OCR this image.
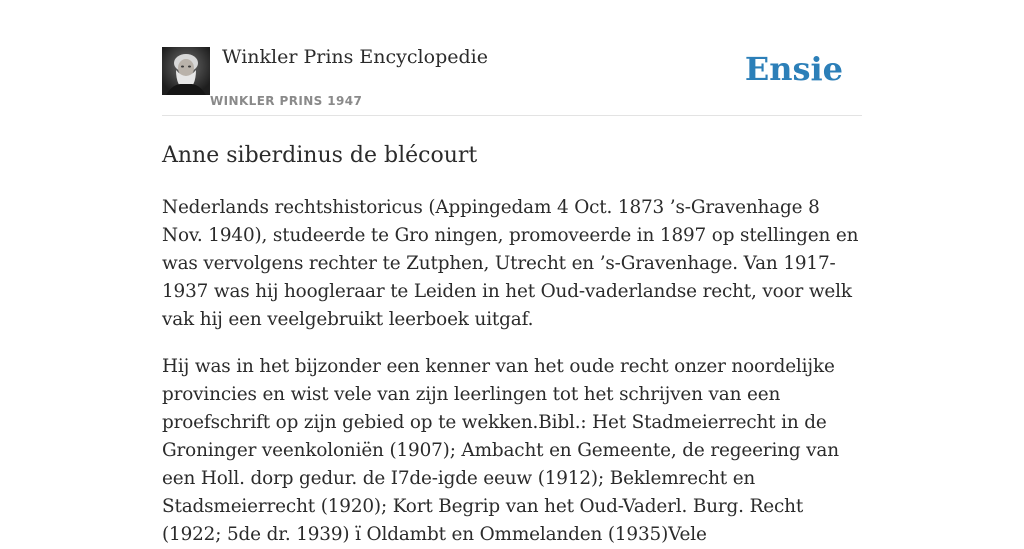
Winkler Prins Encyclopedie
WINKLER PRINS 1947
Ensie
Anne siberdinus de blécourt

Nederlands rechtshistoricus (Appingedam 4 Oct. 1873 ’s-Gravenhage 8 Nov. 1940), studeerde te Gro ningen, promoveerde in 1897 op stellingen en was vervolgens rechter te Zutphen, Utrecht en ’s-Gravenhage. Van 1917-1937 was hij hoogleraar te Leiden in het Oud-vaderlandse recht, voor welk vak hij een veelgebruikt leerboek uitgaf.

Hij was in het bijzonder een kenner van het oude recht onzer noordelijke provincies en wist vele van zijn leerlingen tot het schrijven van een proefschrift op zijn gebied op te wekken.Bibl.: Het Stadmeierrecht in de Groninger veenkoloniën (1907); Ambacht en Gemeente, de regeering van een Holl. dorp gedur. de I7de-igde eeuw (1912); Beklemrecht en Stadsmeierrecht (1920); Kort Begrip van het Oud-Vaderl. Burg. Recht (1922; 5de dr. 1939) ï Oldambt en Ommelanden (1935)Vele
